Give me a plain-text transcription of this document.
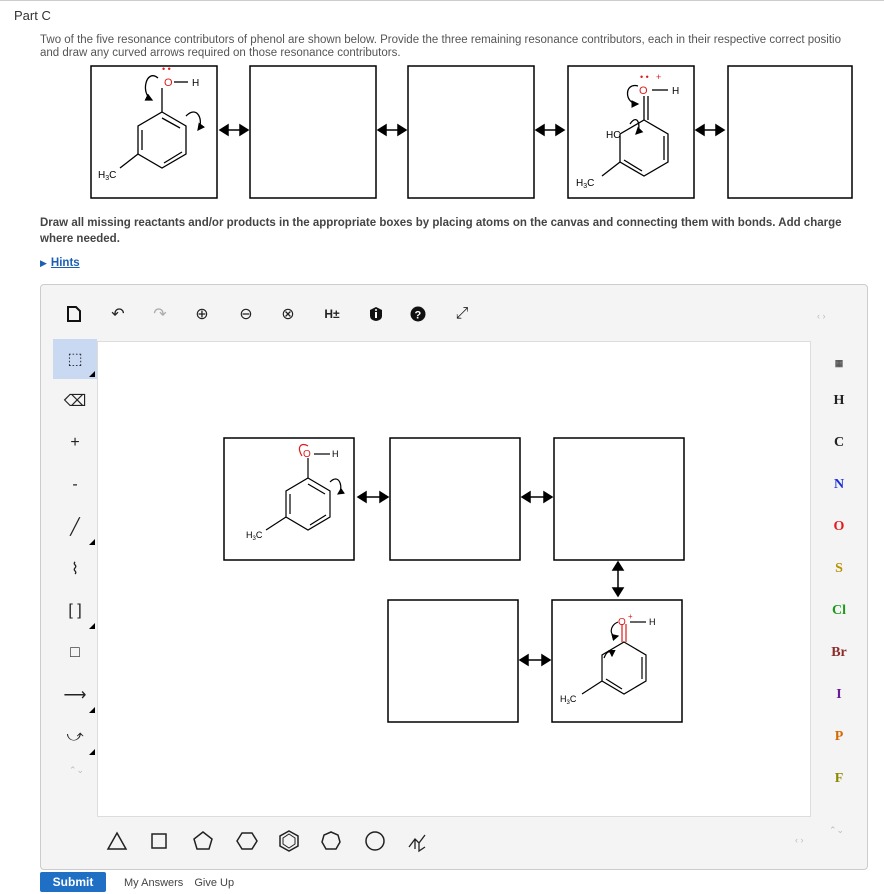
Part C
Two of the five resonance contributors of phenol are shown below. Provide the three remaining resonance contributors, each in their respective correct positio
and draw any curved arrows required on those resonance contributors.
O
• •
H
$H_3C$
O
• • +
H
HC
$H_3C$
Draw all missing reactants and/or products in the appropriate boxes by placing atoms on the canvas and connecting them with bonds. Add charge
where needed.
▶ Hints
↶ ↷ ⊕ ⊖ ⊗	H±	? ⤢	‹ ›
⬚
⌫
+
-
╱
⌇
[ ]
□
⟶
⤻
⌃⌄
O H
$H_3C$
O
+
H
$H_3C$
▦
H
C
N
O
S
Cl
Br
I
P
F
‹ ›
⌃⌄
Submit	My Answers Give Up
